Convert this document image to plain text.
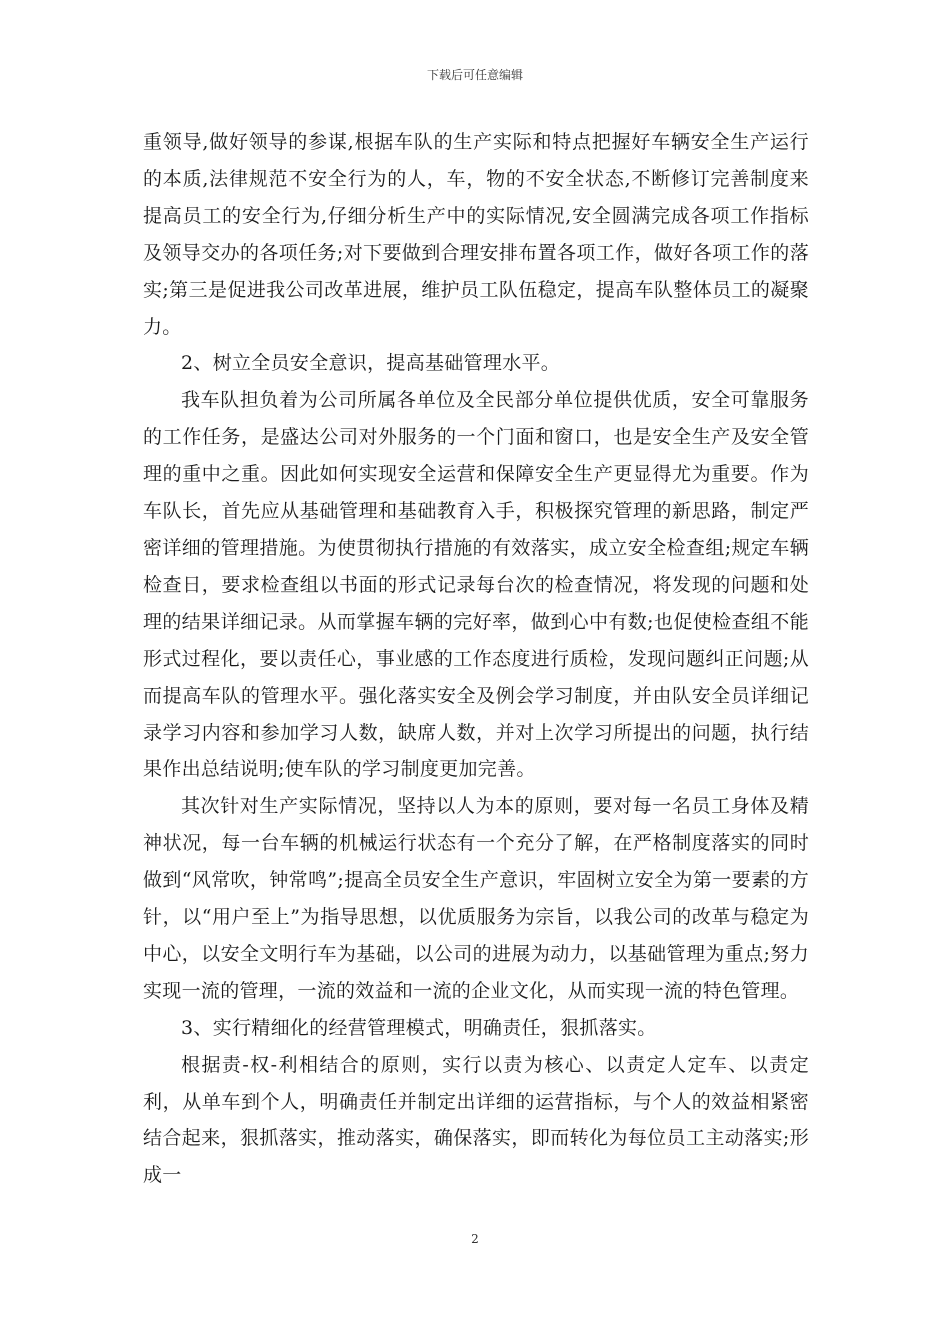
下载后可任意编辑

重领导,做好领导的参谋,根据车队的生产实际和特点把握好车辆安全生产运行的本质,法律规范不安全行为的人，车，物的不安全状态,不断修订完善制度来提高员工的安全行为,仔细分析生产中的实际情况,安全圆满完成各项工作指标及领导交办的各项任务;对下要做到合理安排布置各项工作，做好各项工作的落实;第三是促进我公司改革进展，维护员工队伍稳定，提高车队整体员工的凝聚力。

2、树立全员安全意识，提高基础管理水平。

我车队担负着为公司所属各单位及全民部分单位提供优质，安全可靠服务的工作任务，是盛达公司对外服务的一个门面和窗口，也是安全生产及安全管理的重中之重。因此如何实现安全运营和保障安全生产更显得尤为重要。作为车队长，首先应从基础管理和基础教育入手，积极探究管理的新思路，制定严密详细的管理措施。为使贯彻执行措施的有效落实，成立安全检查组;规定车辆检查日，要求检查组以书面的形式记录每台次的检查情况，将发现的问题和处理的结果详细记录。从而掌握车辆的完好率，做到心中有数;也促使检查组不能形式过程化，要以责任心，事业感的工作态度进行质检，发现问题纠正问题;从而提高车队的管理水平。强化落实安全及例会学习制度，并由队安全员详细记录学习内容和参加学习人数，缺席人数，并对上次学习所提出的问题，执行结果作出总结说明;使车队的学习制度更加完善。

其次针对生产实际情况，坚持以人为本的原则，要对每一名员工身体及精神状况，每一台车辆的机械运行状态有一个充分了解，在严格制度落实的同时做到“风常吹，钟常鸣”;提高全员安全生产意识，牢固树立安全为第一要素的方针，以“用户至上”为指导思想，以优质服务为宗旨，以我公司的改革与稳定为中心，以安全文明行车为基础，以公司的进展为动力，以基础管理为重点;努力实现一流的管理，一流的效益和一流的企业文化，从而实现一流的特色管理。

3、实行精细化的经营管理模式，明确责任，狠抓落实。

根据责-权-利相结合的原则，实行以责为核心、以责定人定车、以责定利，从单车到个人，明确责任并制定出详细的运营指标，与个人的效益相紧密结合起来，狠抓落实，推动落实，确保落实，即而转化为每位员工主动落实;形成一

2
